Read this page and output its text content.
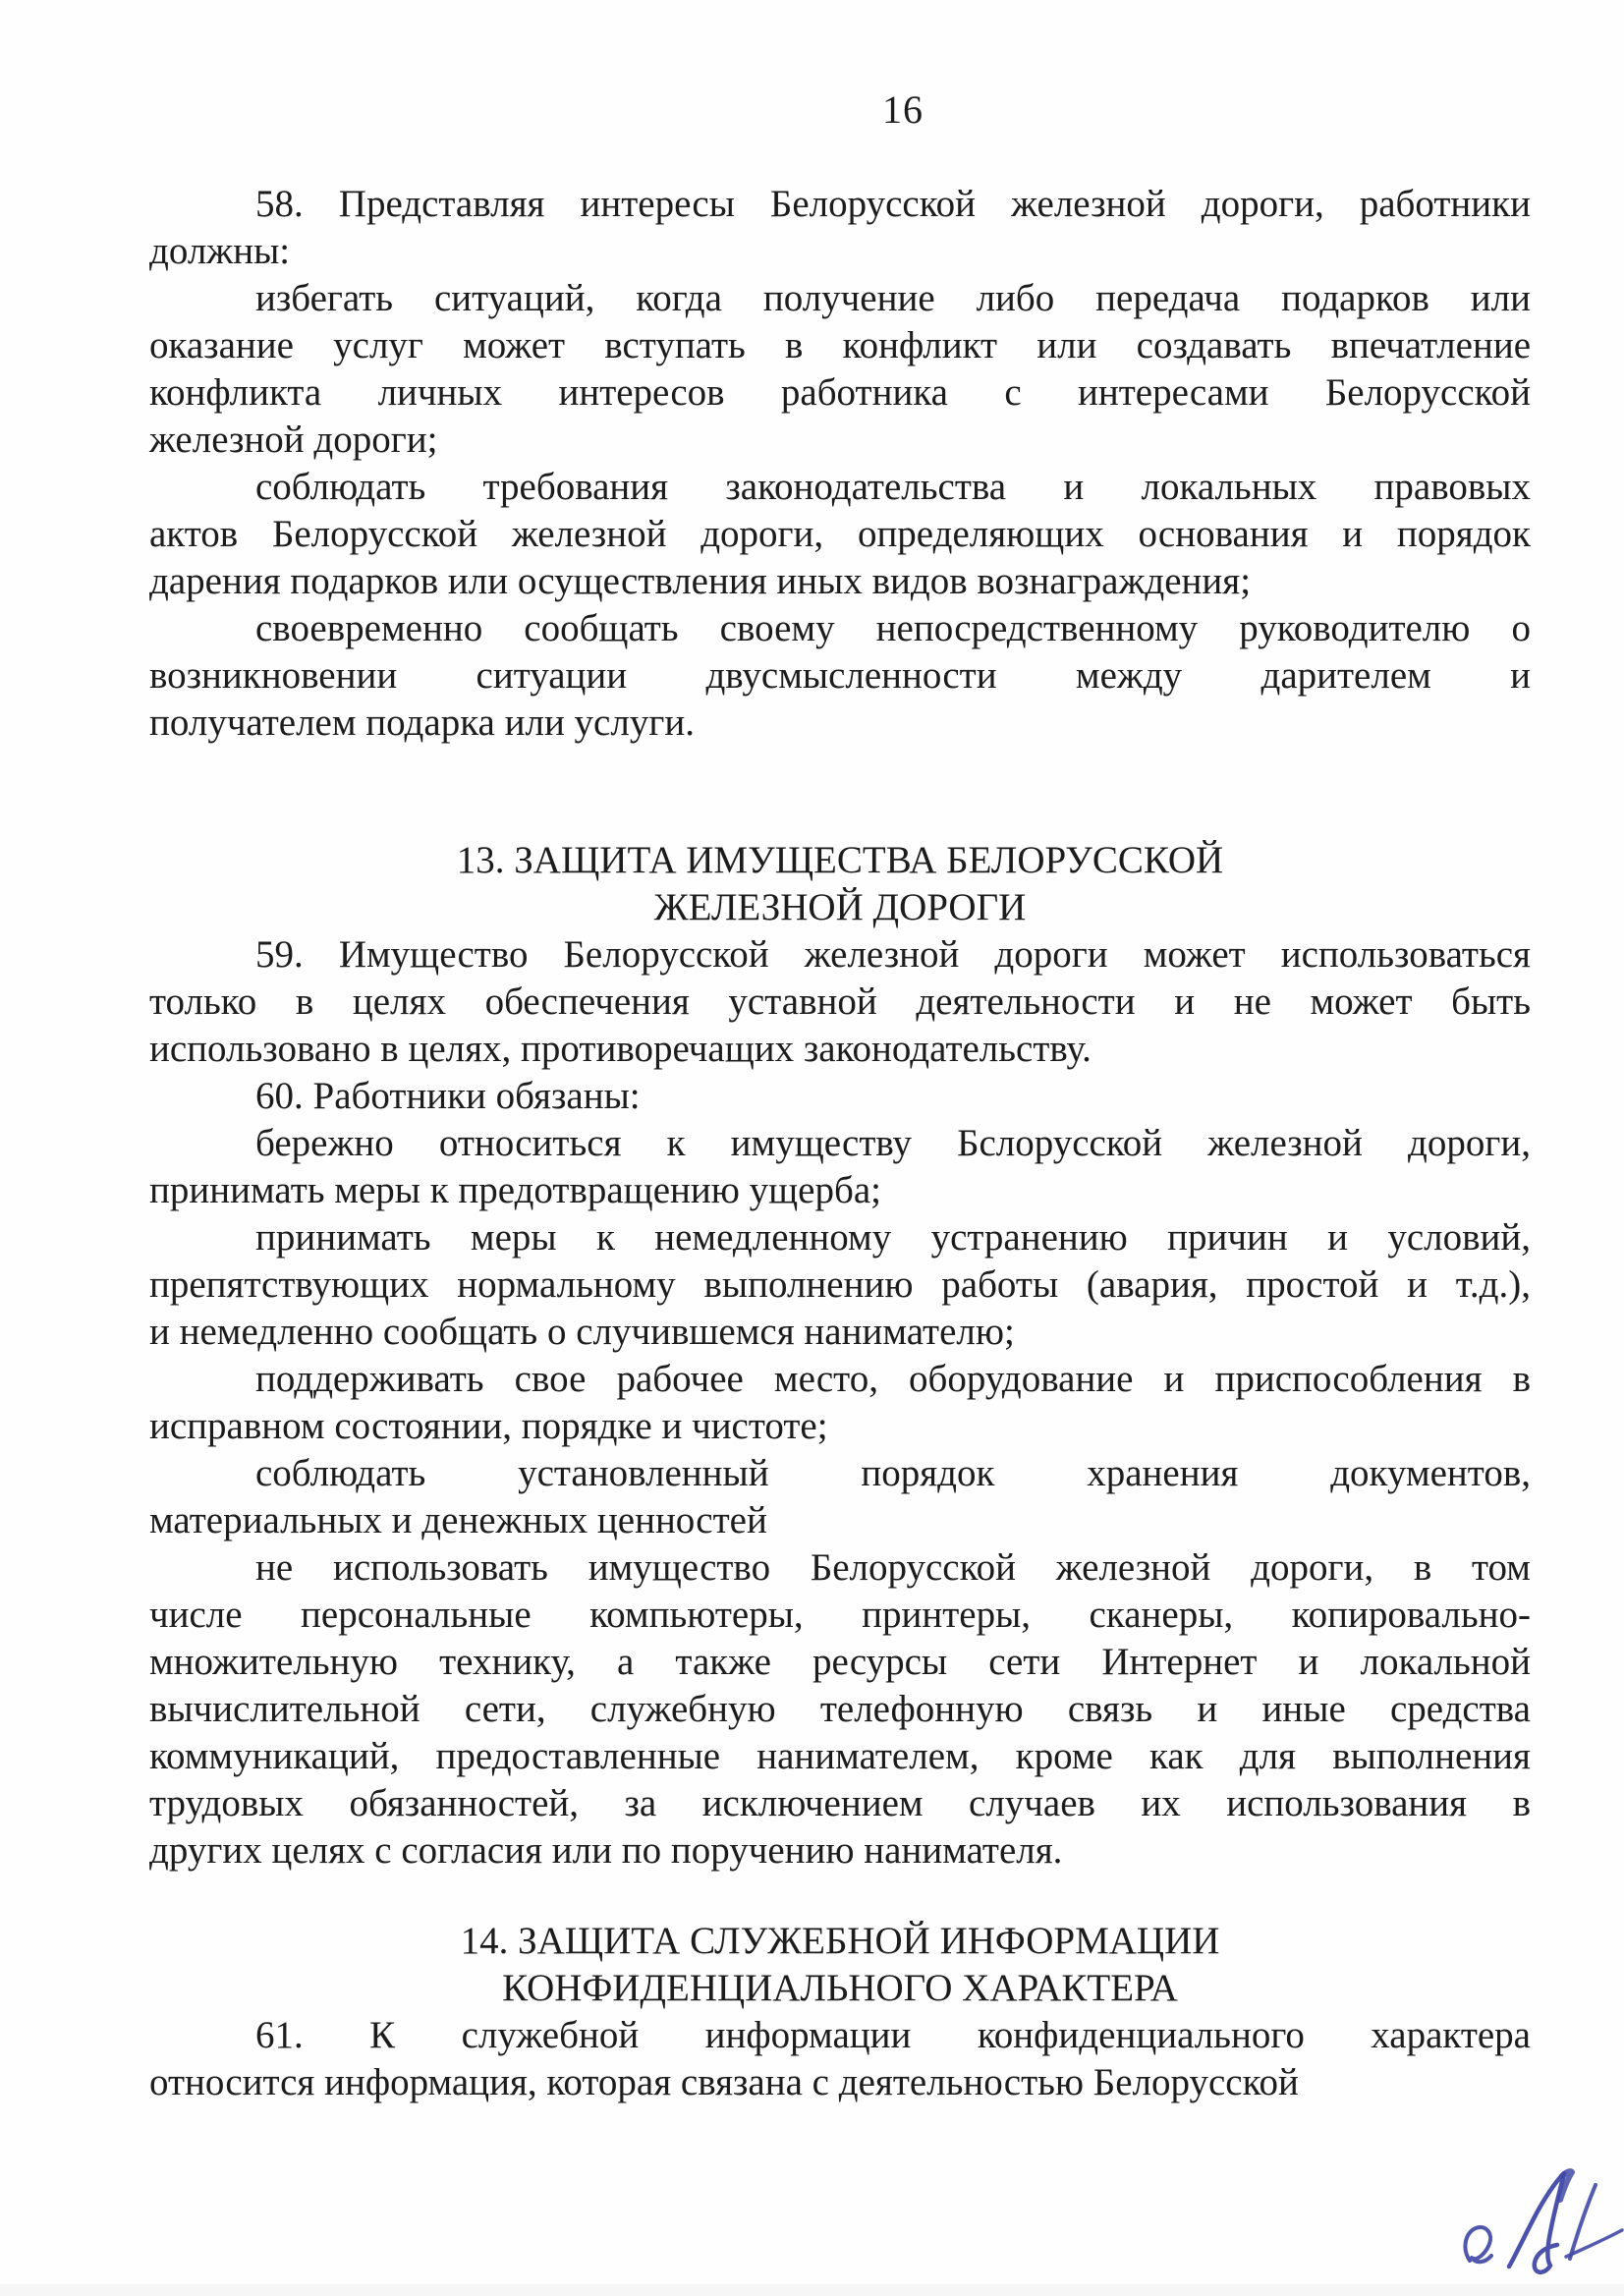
16
58. Представляя интересы Белорусской железной дороги, работники
должны:
избегать ситуаций, когда получение либо передача подарков или
оказание услуг может вступать в конфликт или создавать впечатление
конфликта личных интересов работника с интересами Белорусской
железной дороги;
соблюдать требования законодательства и локальных правовых
актов Белорусской железной дороги, определяющих основания и порядок
дарения подарков или осуществления иных видов вознаграждения;
своевременно сообщать своему непосредственному руководителю о
возникновении ситуации двусмысленности между дарителем и
получателем подарка или услуги.
13. ЗАЩИТА ИМУЩЕСТВА БЕЛОРУССКОЙ
ЖЕЛЕЗНОЙ ДОРОГИ
59. Имущество Белорусской железной дороги может использоваться
только в целях обеспечения уставной деятельности и не может быть
использовано в целях, противоречащих законодательству.
60. Работники обязаны:
бережно относиться к имуществу Бслорусской железной дороги,
принимать меры к предотвращению ущерба;
принимать меры к немедленному устранению причин и условий,
препятствующих нормальному выполнению работы (авария, простой и т.д.),
и немедленно сообщать о случившемся нанимателю;
поддерживать свое рабочее место, оборудование и приспособления в
исправном состоянии, порядке и чистоте;
соблюдать установленный порядок хранения документов,
материальных и денежных ценностей
не использовать имущество Белорусской железной дороги, в том
числе персональные компьютеры, принтеры, сканеры, копировально-
множительную технику, а также ресурсы сети Интернет и локальной
вычислительной сети, служебную телефонную связь и иные средства
коммуникаций, предоставленные нанимателем, кроме как для выполнения
трудовых обязанностей, за исключением случаев их использования в
других целях с согласия или по поручению нанимателя.
14. ЗАЩИТА СЛУЖЕБНОЙ ИНФОРМАЦИИ
КОНФИДЕНЦИАЛЬНОГО ХАРАКТЕРА
61. К служебной информации конфиденциального характера
относится информация, которая связана с деятельностью Белорусской
